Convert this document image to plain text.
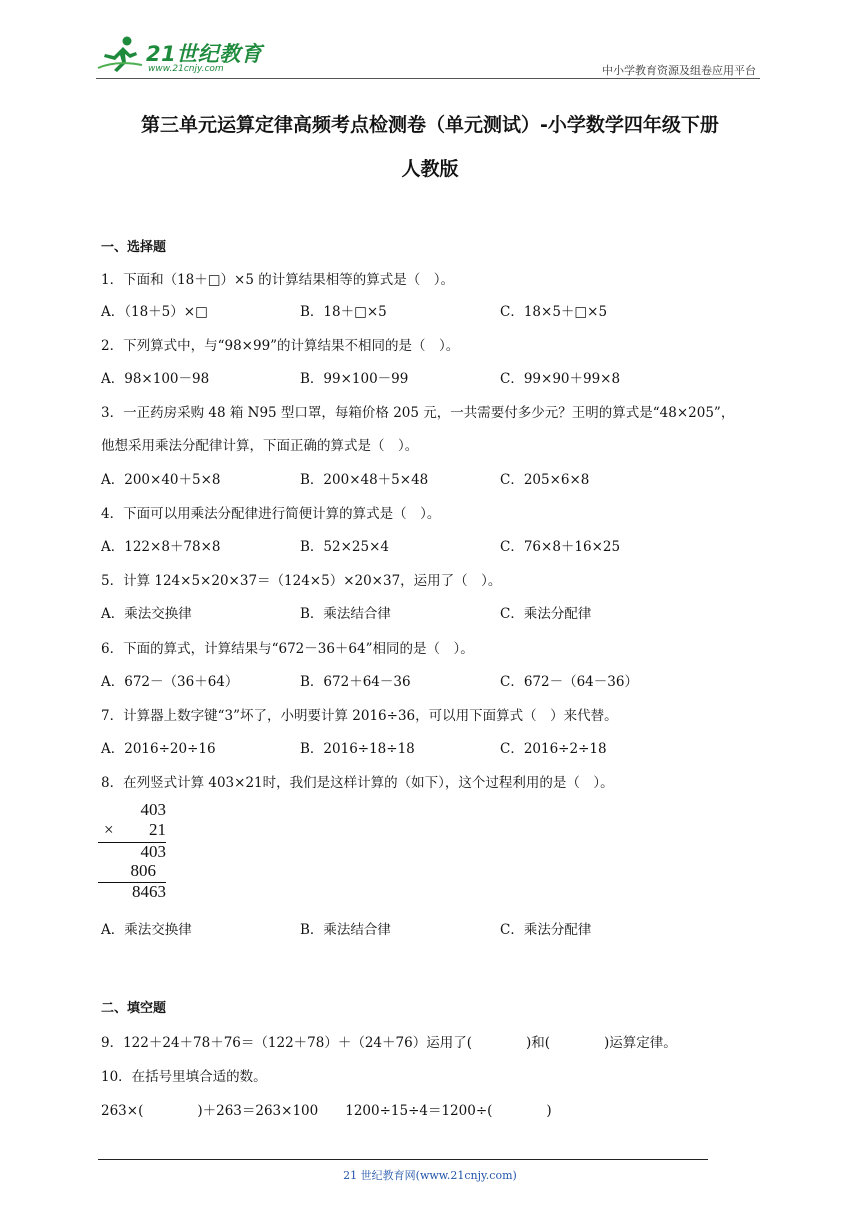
21世纪教育
www.21cnjy.com	中小学教育资源及组卷应用平台
第三单元运算定律高频考点检测卷（单元测试）-小学数学四年级下册
人教版
一、选择题
1．下面和（18＋□）×5 的计算结果相等的算式是（　）。
A．（18＋5）×□	B．18＋□×5	C．18×5＋□×5
2．下列算式中，与“98×99”的计算结果不相同的是（　）。
A．98×100－98	B．99×100－99	C．99×90＋99×8
3．一正药房采购 48 箱 N95 型口罩，每箱价格 205 元，一共需要付多少元？王明的算式是“48×205”，
他想采用乘法分配律计算，下面正确的算式是（　）。
A．200×40＋5×8	B．200×48＋5×48	C．205×6×8
4．下面可以用乘法分配律进行简便计算的算式是（　）。
A．122×8＋78×8	B．52×25×4	C．76×8＋16×25
5．计算 124×5×20×37＝（124×5）×20×37，运用了（　）。
A．乘法交换律	B．乘法结合律	C．乘法分配律
6．下面的算式，计算结果与“672－36＋64”相同的是（　）。
A．672－（36＋64）	B．672＋64－36	C．672－（64－36）
7．计算器上数字键“3”坏了，小明要计算 2016÷36，可以用下面算式（　）来代替。
A．2016÷20÷16	B．2016÷18÷18	C．2016÷2÷18
8．在列竖式计算 403×21时，我们是这样计算的（如下），这个过程利用的是（　）。
403
× 21
403
806
8463
A．乘法交换律	B．乘法结合律	C．乘法分配律
二、填空题
9．122＋24＋78＋76＝（122＋78）＋（24＋76）运用了(　　　　)和(　　　　)运算定律。
10．在括号里填合适的数。
263×(　　　　)＋263＝263×100　　1200÷15÷4＝1200÷(　　　　)
21 世纪教育网(www.21cnjy.com)
